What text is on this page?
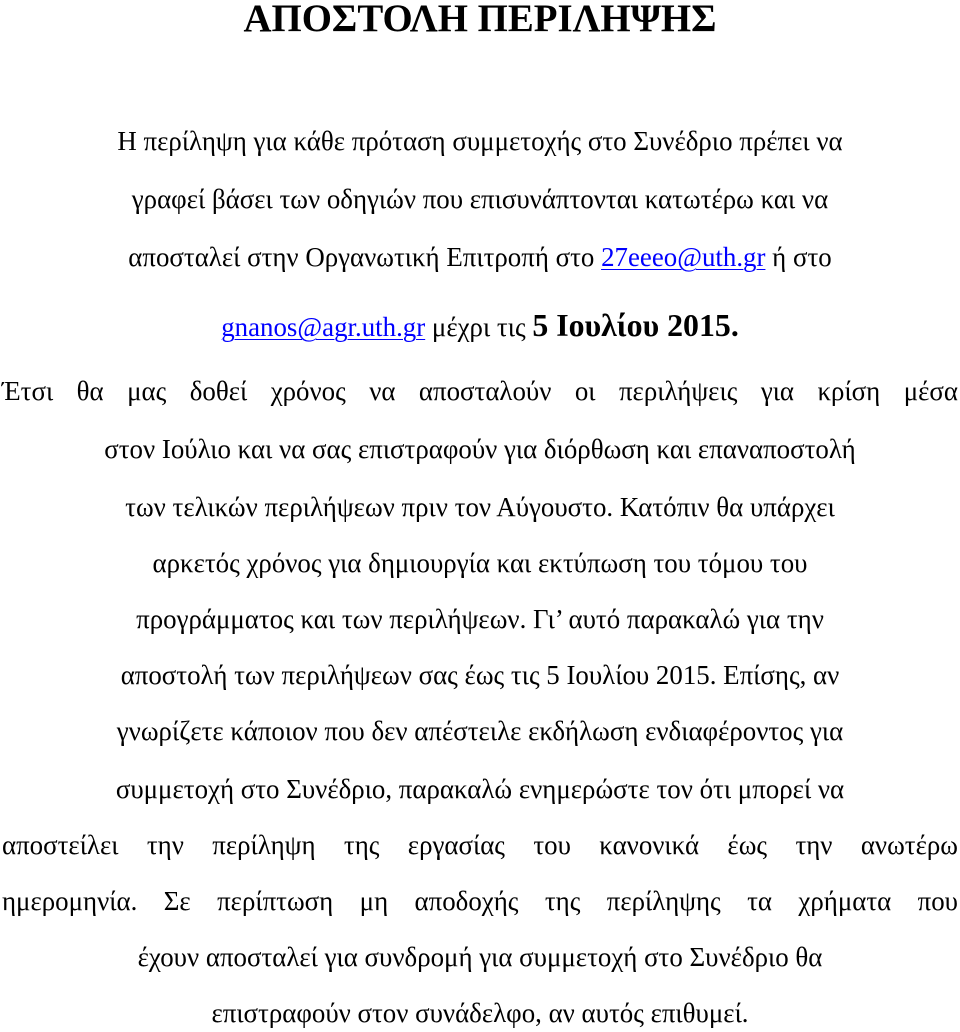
ΑΠΟΣΤΟΛΗ ΠΕΡΙΛΗΨΗΣ
Η περίληψη για κάθε πρόταση συμμετοχής στο Συνέδριο πρέπει να
γραφεί βάσει των οδηγιών που επισυνάπτονται κατωτέρω και να
αποσταλεί στην Οργανωτική Επιτροπή στο 27eeeo@uth.gr ή στο
gnanos@agr.uth.gr μέχρι τις 5 Ιουλίου 2015.
Έτσι θα μας δοθεί χρόνος να αποσταλούν οι περιλήψεις για κρίση μέσα
στον Ιούλιο και να σας επιστραφούν για διόρθωση και επαναποστολή
των τελικών περιλήψεων πριν τον Αύγουστο. Κατόπιν θα υπάρχει
αρκετός χρόνος για δημιουργία και εκτύπωση του τόμου του
προγράμματος και των περιλήψεων. Γι’ αυτό παρακαλώ για την
αποστολή των περιλήψεων σας έως τις 5 Ιουλίου 2015. Επίσης, αν
γνωρίζετε κάποιον που δεν απέστειλε εκδήλωση ενδιαφέροντος για
συμμετοχή στο Συνέδριο, παρακαλώ ενημερώστε τον ότι μπορεί να
αποστείλει την περίληψη της εργασίας του κανονικά έως την ανωτέρω
ημερομηνία. Σε περίπτωση μη αποδοχής της περίληψης τα χρήματα που
έχουν αποσταλεί για συνδρομή για συμμετοχή στο Συνέδριο θα
επιστραφούν στον συνάδελφο, αν αυτός επιθυμεί.
